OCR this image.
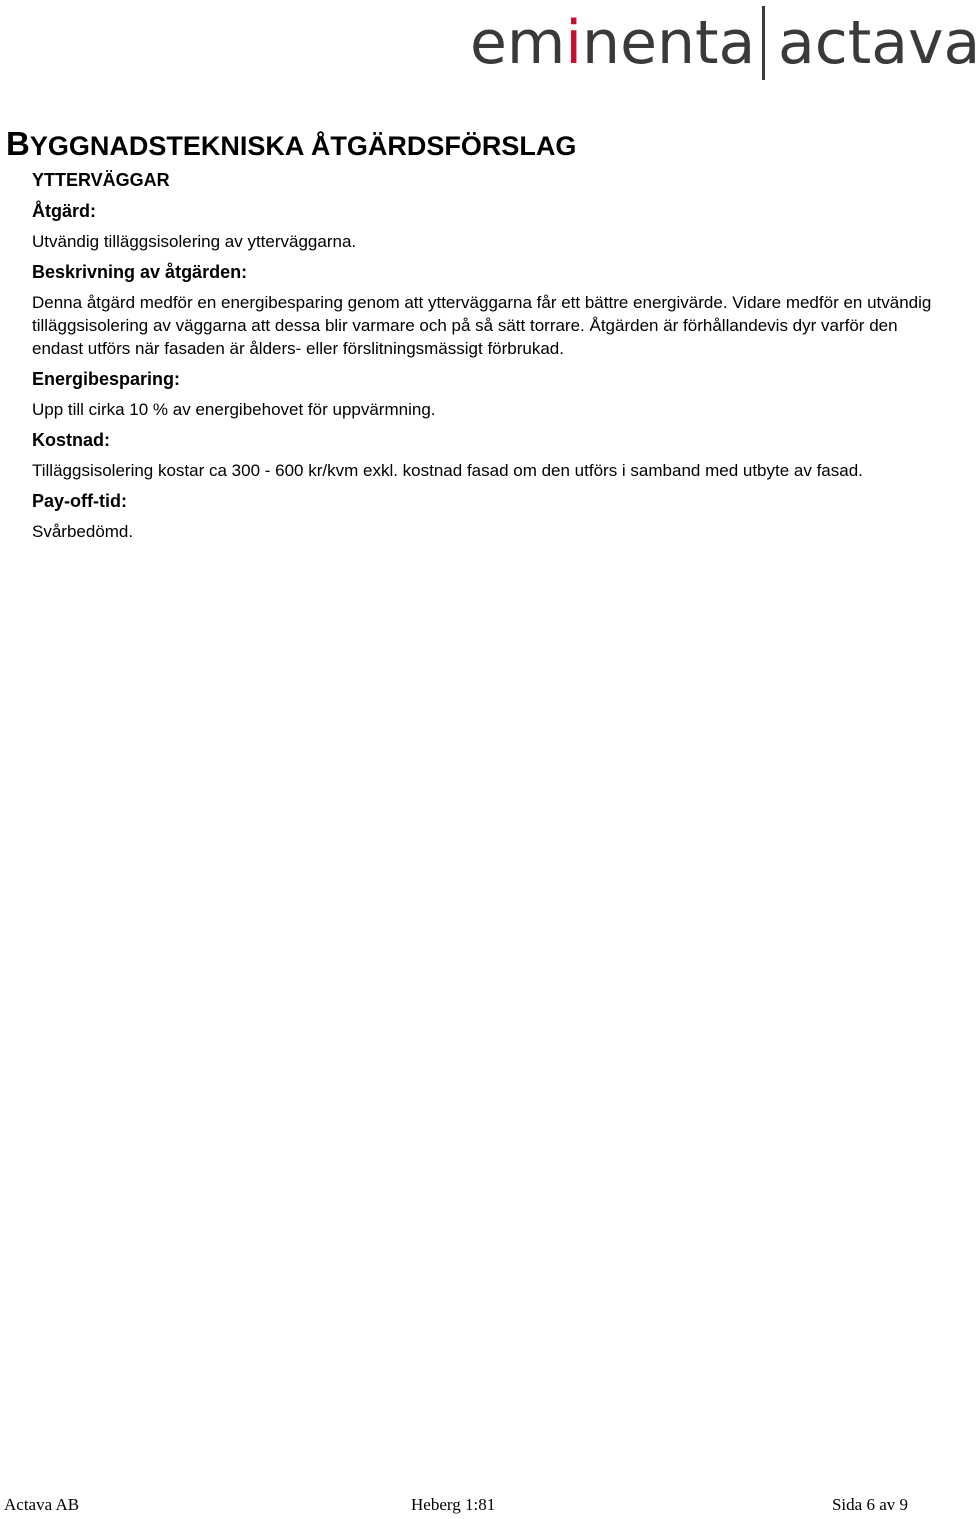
eminenta actava
BYGGNADSTEKNISKA ÅTGÄRDSFÖRSLAG
YTTERVÄGGAR
Åtgärd:
Utvändig tilläggsisolering av ytterväggarna.
Beskrivning av åtgärden:
Denna åtgärd medför en energibesparing genom att ytterväggarna får ett bättre energivärde. Vidare medför en utvändig tilläggsisolering av väggarna att dessa blir varmare och på så sätt torrare. Åtgärden är förhållandevis dyr varför den endast utförs när fasaden är ålders- eller förslitningsmässigt förbrukad.
Energibesparing:
Upp till cirka 10 % av energibehovet för uppvärmning.
Kostnad:
Tilläggsisolering kostar ca 300 - 600 kr/kvm exkl. kostnad fasad om den utförs i samband med utbyte av fasad.
Pay-off-tid:
Svårbedömd.
Actava AB	Heberg 1:81	Sida 6 av 9
